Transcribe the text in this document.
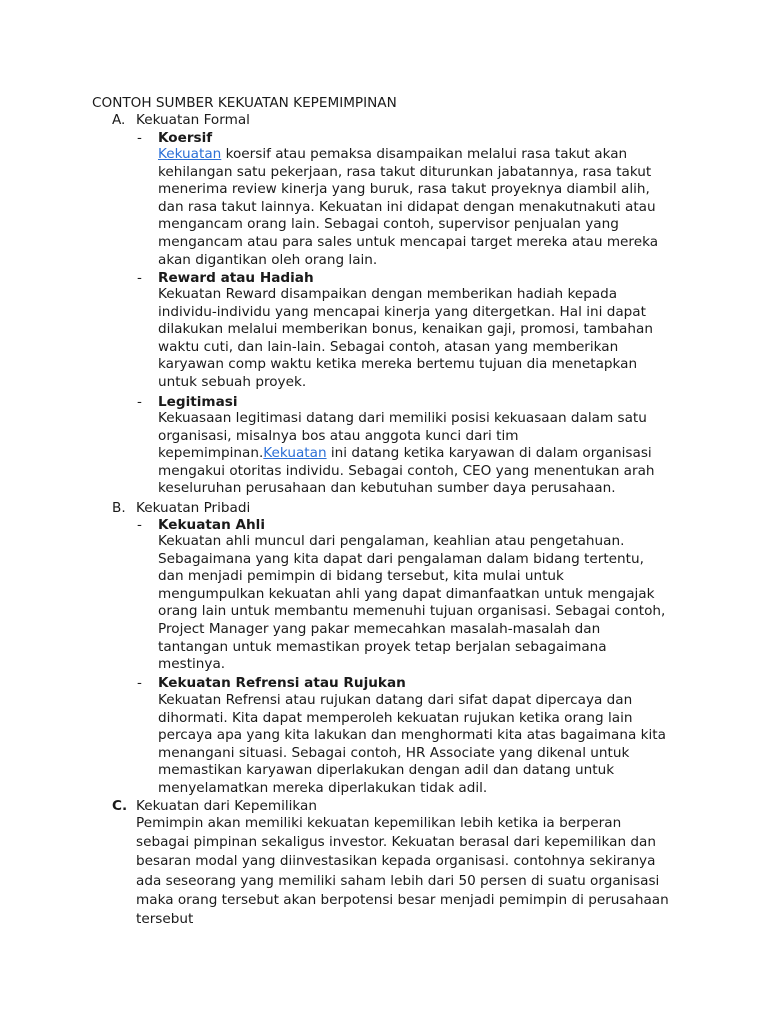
CONTOH SUMBER KEKUATAN KEPEMIMPINAN
A. Kekuatan Formal
- Koersif
Kekuatan koersif atau pemaksa disampaikan melalui rasa takut akan
kehilangan satu pekerjaan, rasa takut diturunkan jabatannya, rasa takut
menerima review kinerja yang buruk, rasa takut proyeknya diambil alih,
dan rasa takut lainnya. Kekuatan ini didapat dengan menakutnakuti atau
mengancam orang lain. Sebagai contoh, supervisor penjualan yang
mengancam atau para sales untuk mencapai target mereka atau mereka
akan digantikan oleh orang lain.
- Reward atau Hadiah
Kekuatan Reward disampaikan dengan memberikan hadiah kepada
individu-individu yang mencapai kinerja yang ditergetkan. Hal ini dapat
dilakukan melalui memberikan bonus, kenaikan gaji, promosi, tambahan
waktu cuti, dan lain-lain. Sebagai contoh, atasan yang memberikan
karyawan comp waktu ketika mereka bertemu tujuan dia menetapkan
untuk sebuah proyek.
- Legitimasi
Kekuasaan legitimasi datang dari memiliki posisi kekuasaan dalam satu
organisasi, misalnya bos atau anggota kunci dari tim
kepemimpinan.Kekuatan ini datang ketika karyawan di dalam organisasi
mengakui otoritas individu. Sebagai contoh, CEO yang menentukan arah
keseluruhan perusahaan dan kebutuhan sumber daya perusahaan.
B. Kekuatan Pribadi
- Kekuatan Ahli
Kekuatan ahli muncul dari pengalaman, keahlian atau pengetahuan.
Sebagaimana yang kita dapat dari pengalaman dalam bidang tertentu,
dan menjadi pemimpin di bidang tersebut, kita mulai untuk
mengumpulkan kekuatan ahli yang dapat dimanfaatkan untuk mengajak
orang lain untuk membantu memenuhi tujuan organisasi. Sebagai contoh,
Project Manager yang pakar memecahkan masalah-masalah dan
tantangan untuk memastikan proyek tetap berjalan sebagaimana
mestinya.
- Kekuatan Refrensi atau Rujukan
Kekuatan Refrensi atau rujukan datang dari sifat dapat dipercaya dan
dihormati. Kita dapat memperoleh kekuatan rujukan ketika orang lain
percaya apa yang kita lakukan dan menghormati kita atas bagaimana kita
menangani situasi. Sebagai contoh, HR Associate yang dikenal untuk
memastikan karyawan diperlakukan dengan adil dan datang untuk
menyelamatkan mereka diperlakukan tidak adil.
C. Kekuatan dari Kepemilikan
Pemimpin akan memiliki kekuatan kepemilikan lebih ketika ia berperan
sebagai pimpinan sekaligus investor. Kekuatan berasal dari kepemilikan dan
besaran modal yang diinvestasikan kepada organisasi. contohnya sekiranya
ada seseorang yang memiliki saham lebih dari 50 persen di suatu organisasi
maka orang tersebut akan berpotensi besar menjadi pemimpin di perusahaan
tersebut
